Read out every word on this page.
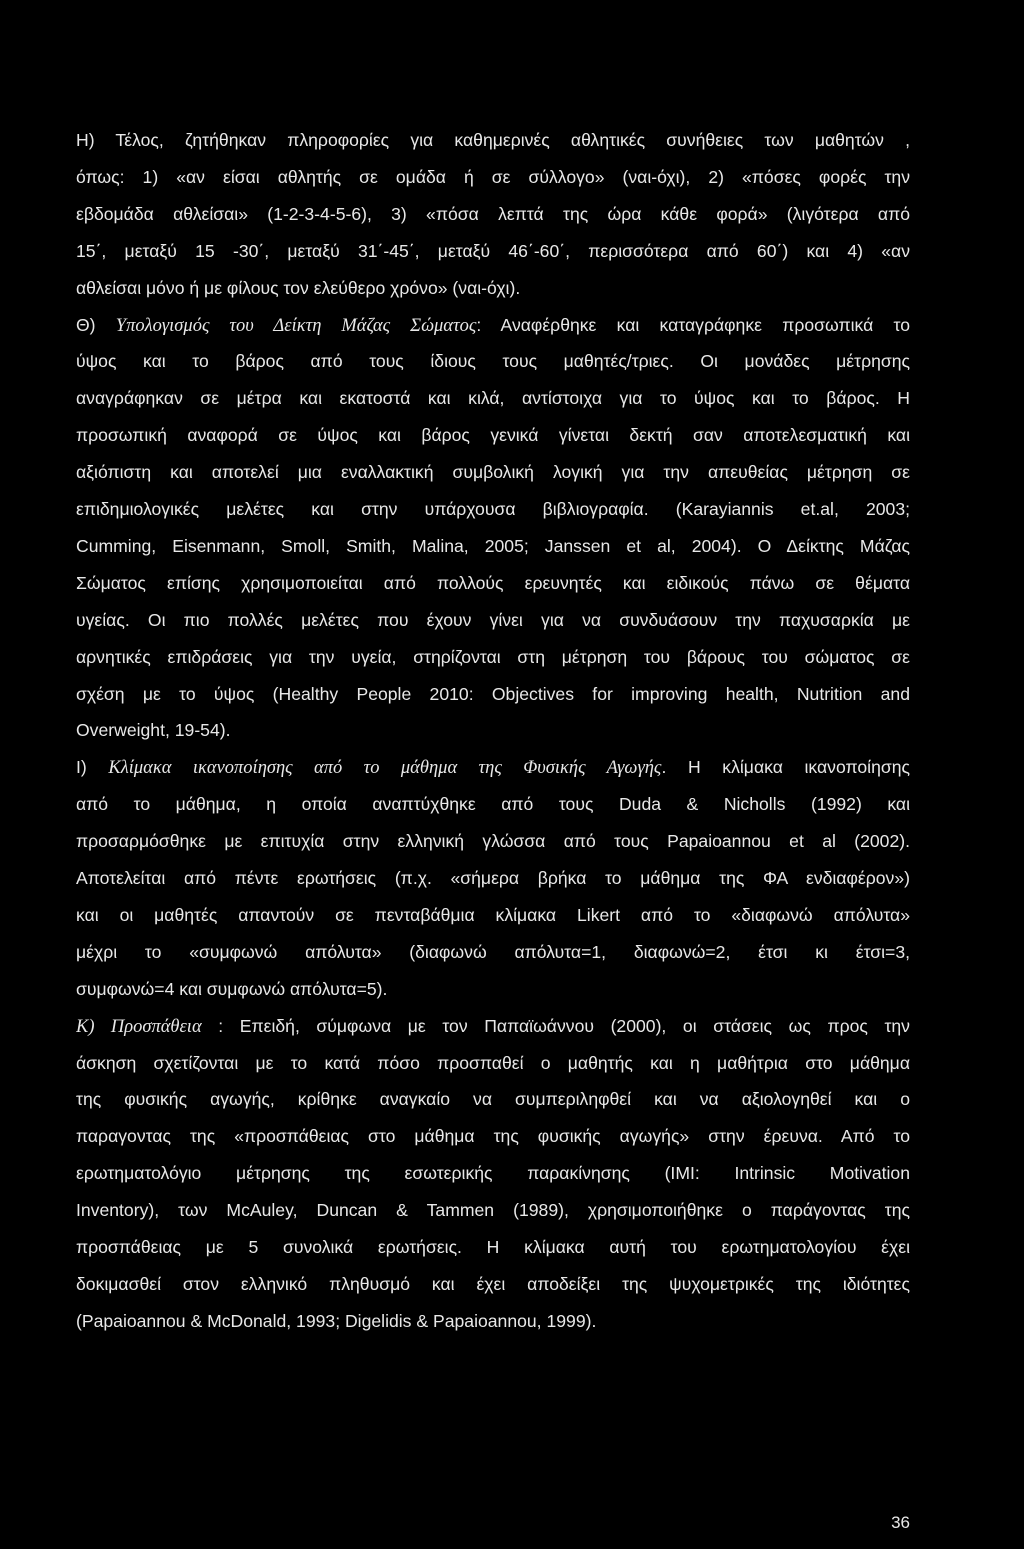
Η) Τέλος, ζητήθηκαν πληροφορίες για καθημερινές αθλητικές συνήθειες των μαθητών ,
όπως: 1) «αν είσαι αθλητής σε ομάδα ή σε σύλλογο» (ναι-όχι), 2) «πόσες φορές την
εβδομάδα αθλείσαι» (1-2-3-4-5-6), 3) «πόσα λεπτά της ώρα κάθε φορά» (λιγότερα από
15΄, μεταξύ 15 -30΄, μεταξύ 31΄-45΄, μεταξύ 46΄-60΄, περισσότερα από 60΄) και 4) «αν
αθλείσαι μόνο ή με φίλους τον ελεύθερο χρόνο» (ναι-όχι).
Θ) Υπολογισμός του Δείκτη Μάζας Σώματος: Αναφέρθηκε και καταγράφηκε προσωπικά το
ύψος και το βάρος από τους ίδιους τους μαθητές/τριες. Οι μονάδες μέτρησης
αναγράφηκαν σε μέτρα και εκατοστά και κιλά, αντίστοιχα για το ύψος και το βάρος. Η
προσωπική αναφορά σε ύψος και βάρος γενικά γίνεται δεκτή σαν αποτελεσματική και
αξιόπιστη και αποτελεί μια εναλλακτική συμβολική λογική για την απευθείας μέτρηση σε
επιδημιολογικές μελέτες και στην υπάρχουσα βιβλιογραφία. (Karayiannis et.al, 2003;
Cumming, Eisenmann, Smoll, Smith, Malina, 2005; Janssen et al, 2004). Ο Δείκτης Μάζας
Σώματος επίσης χρησιμοποιείται από πολλούς ερευνητές και ειδικούς πάνω σε θέματα
υγείας. Οι πιο πολλές μελέτες που έχουν γίνει για να συνδυάσουν την παχυσαρκία με
αρνητικές επιδράσεις για την υγεία, στηρίζονται στη μέτρηση του βάρους του σώματος σε
σχέση με το ύψος (Healthy People 2010: Objectives for improving health, Nutrition and
Overweight, 19-54).
Ι) Κλίμακα ικανοποίησης από το μάθημα της Φυσικής Αγωγής. Η κλίμακα ικανοποίησης
από το μάθημα, η οποία αναπτύχθηκε από τους Duda & Nicholls (1992) και
προσαρμόσθηκε με επιτυχία στην ελληνική γλώσσα από τους Papaioannou et al (2002).
Αποτελείται από πέντε ερωτήσεις (π.χ. «σήμερα βρήκα το μάθημα της ΦΑ ενδιαφέρον»)
και οι μαθητές απαντούν σε πενταβάθμια κλίμακα Likert από το «διαφωνώ απόλυτα»
μέχρι το «συμφωνώ απόλυτα» (διαφωνώ απόλυτα=1, διαφωνώ=2, έτσι κι έτσι=3,
συμφωνώ=4 και συμφωνώ απόλυτα=5).
Κ) Προσπάθεια : Επειδή, σύμφωνα με τον Παπαϊωάννου (2000), οι στάσεις ως προς την
άσκηση σχετίζονται με το κατά πόσο προσπαθεί ο μαθητής και η μαθήτρια στο μάθημα
της φυσικής αγωγής, κρίθηκε αναγκαίο να συμπεριληφθεί και να αξιολογηθεί και ο
παραγοντας της «προσπάθειας στο μάθημα της φυσικής αγωγής» στην έρευνα. Από το
ερωτηματολόγιο μέτρησης της εσωτερικής παρακίνησης (IMI: Intrinsic Motivation
Inventory), των McAuley, Duncan & Tammen (1989), χρησιμοποιήθηκε ο παράγοντας της
προσπάθειας με 5 συνολικά ερωτήσεις. Η κλίμακα αυτή του ερωτηματολογίου έχει
δοκιμασθεί στον ελληνικό πληθυσμό και έχει αποδείξει της ψυχομετρικές της ιδιότητες
(Papaioannou & McDonald, 1993; Digelidis & Papaioannou, 1999).
36
